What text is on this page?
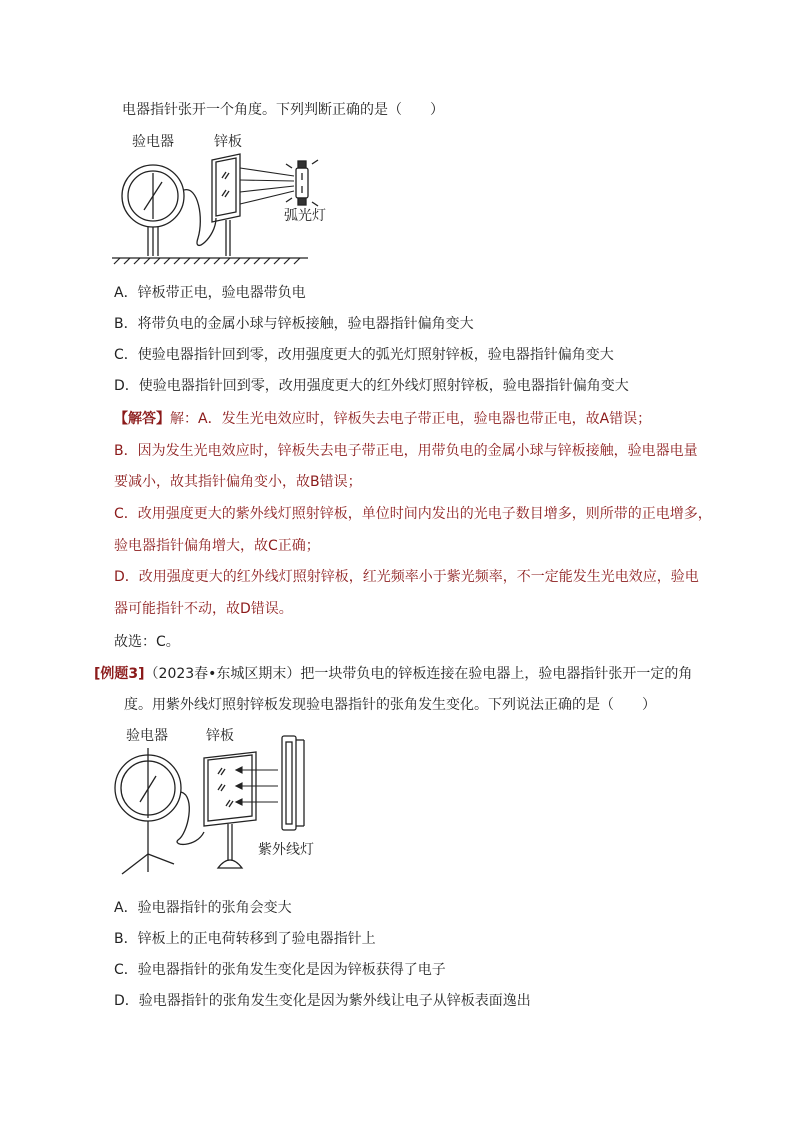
电器指针张开一个角度。下列判断正确的是（　　）
验电器	锌板
弧光灯
A．锌板带正电，验电器带负电
B．将带负电的金属小球与锌板接触，验电器指针偏角变大
C．使验电器指针回到零，改用强度更大的弧光灯照射锌板，验电器指针偏角变大
D．使验电器指针回到零，改用强度更大的红外线灯照射锌板，验电器指针偏角变大
【解答】解：A．发生光电效应时，锌板失去电子带正电，验电器也带正电，故A错误；
B．因为发生光电效应时，锌板失去电子带正电，用带负电的金属小球与锌板接触，验电器电量
要减小，故其指针偏角变小，故B错误；
C．改用强度更大的紫外线灯照射锌板，单位时间内发出的光电子数目增多，则所带的正电增多，
验电器指针偏角增大，故C正确；
D．改用强度更大的红外线灯照射锌板，红光频率小于紫光频率，不一定能发生光电效应，验电
器可能指针不动，故D错误。
故选：C。
[例题3]（2023春•东城区期末）把一块带负电的锌板连接在验电器上，验电器指针张开一定的角
度。用紫外线灯照射锌板发现验电器指针的张角发生变化。下列说法正确的是（　　）
验电器	锌板
紫外线灯
A．验电器指针的张角会变大
B．锌板上的正电荷转移到了验电器指针上
C．验电器指针的张角发生变化是因为锌板获得了电子
D．验电器指针的张角发生变化是因为紫外线让电子从锌板表面逸出
